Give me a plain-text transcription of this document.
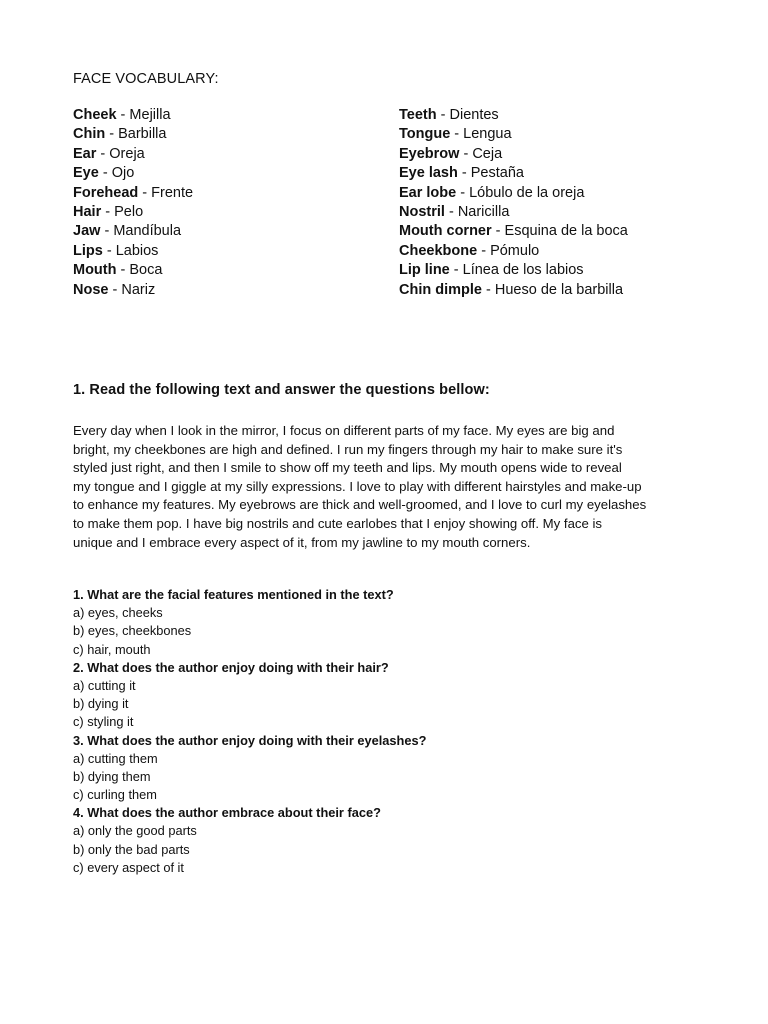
FACE VOCABULARY:
Cheek - Mejilla
Chin - Barbilla
Ear - Oreja
Eye - Ojo
Forehead - Frente
Hair - Pelo
Jaw - Mandíbula
Lips - Labios
Mouth - Boca
Nose - Nariz
Teeth - Dientes
Tongue - Lengua
Eyebrow - Ceja
Eye lash - Pestaña
Ear lobe - Lóbulo de la oreja
Nostril - Naricilla
Mouth corner - Esquina de la boca
Cheekbone - Pómulo
Lip line - Línea de los labios
Chin dimple - Hueso de la barbilla
1. Read the following text and answer the questions bellow:

Every day when I look in the mirror, I focus on different parts of my face. My eyes are big and
bright, my cheekbones are high and defined. I run my fingers through my hair to make sure it's
styled just right, and then I smile to show off my teeth and lips. My mouth opens wide to reveal
my tongue and I giggle at my silly expressions. I love to play with different hairstyles and make-up
to enhance my features. My eyebrows are thick and well-groomed, and I love to curl my eyelashes
to make them pop. I have big nostrils and cute earlobes that I enjoy showing off. My face is
unique and I embrace every aspect of it, from my jawline to my mouth corners.

1. What are the facial features mentioned in the text?
a) eyes, cheeks
b) eyes, cheekbones
c) hair, mouth
2. What does the author enjoy doing with their hair?
a) cutting it
b) dying it
c) styling it
3. What does the author enjoy doing with their eyelashes?
a) cutting them
b) dying them
c) curling them
4. What does the author embrace about their face?
a) only the good parts
b) only the bad parts
c) every aspect of it
